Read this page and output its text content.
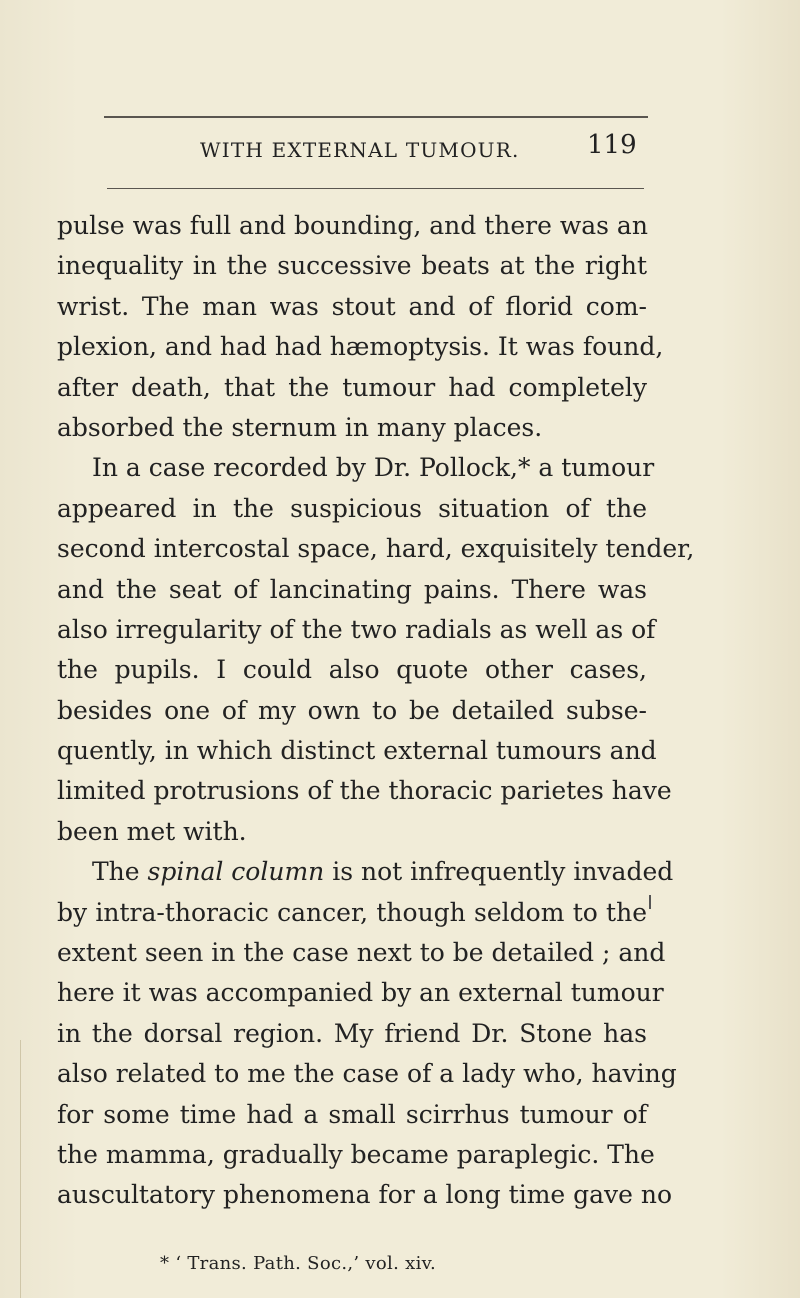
WITH EXTERNAL TUMOUR.	119
pulse was full and bounding, and there was an
inequality in the successive beats at the right
wrist. The man was stout and of florid com-
plexion, and had had hæmoptysis. It was found,
after death, that the tumour had completely
absorbed the sternum in many places.
In a case recorded by Dr. Pollock,* a tumour
appeared in the suspicious situation of the
second intercostal space, hard, exquisitely tender,
and the seat of lancinating pains. There was
also irregularity of the two radials as well as of
the pupils. I could also quote other cases,
besides one of my own to be detailed subse-
quently, in which distinct external tumours and
limited protrusions of the thoracic parietes have
been met with.
The spinal column is not infrequently invaded
by intra-thoracic cancer, though seldom to the
extent seen in the case next to be detailed ; and
here it was accompanied by an external tumour
in the dorsal region. My friend Dr. Stone has
also related to me the case of a lady who, having
for some time had a small scirrhus tumour of
the mamma, gradually became paraplegic. The
auscultatory phenomena for a long time gave no
* ‘ Trans. Path. Soc.,’ vol. xiv.
